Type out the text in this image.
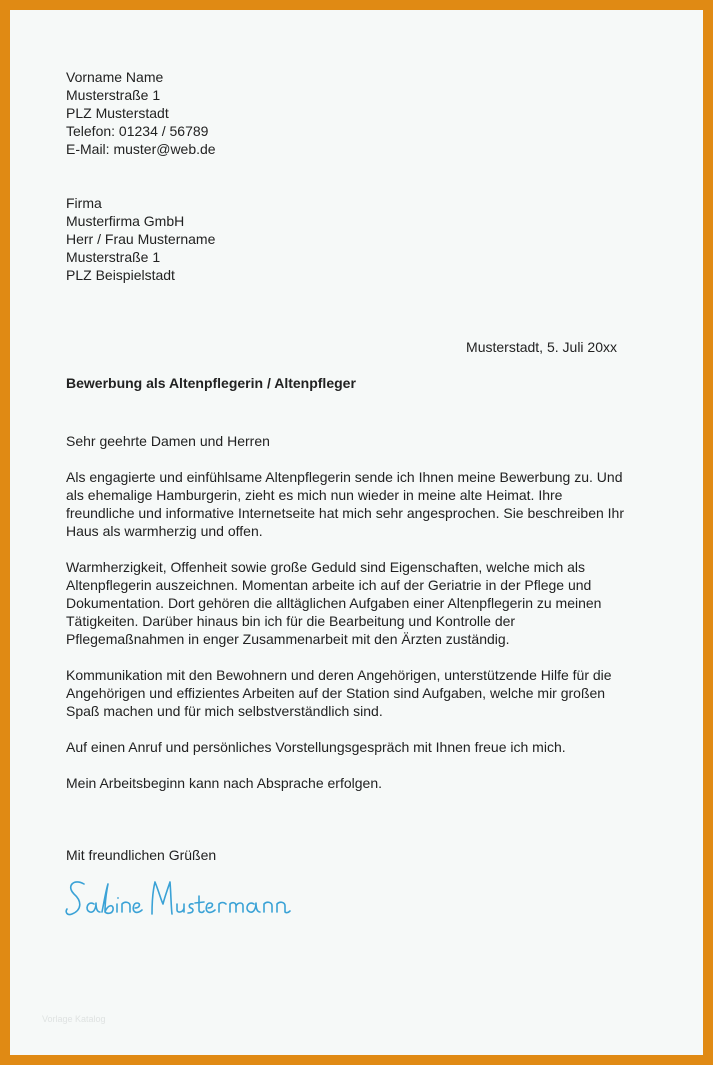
Vorname Name
Musterstraße 1
PLZ Musterstadt
Telefon: 01234 / 56789
E-Mail: muster@web.de
Firma
Musterfirma GmbH
Herr / Frau Mustername
Musterstraße 1
PLZ Beispielstadt
Musterstadt, 5. Juli 20xx
Bewerbung als Altenpflegerin / Altenpfleger
Sehr geehrte Damen und Herren
Als engagierte und einfühlsame Altenpflegerin sende ich Ihnen meine Bewerbung zu. Und
als ehemalige Hamburgerin, zieht es mich nun wieder in meine alte Heimat. Ihre
freundliche und informative Internetseite hat mich sehr angesprochen. Sie beschreiben Ihr
Haus als warmherzig und offen.
Warmherzigkeit, Offenheit sowie große Geduld sind Eigenschaften, welche mich als
Altenpflegerin auszeichnen. Momentan arbeite ich auf der Geriatrie in der Pflege und
Dokumentation. Dort gehören die alltäglichen Aufgaben einer Altenpflegerin zu meinen
Tätigkeiten. Darüber hinaus bin ich für die Bearbeitung und Kontrolle der
Pflegemaßnahmen in enger Zusammenarbeit mit den Ärzten zuständig.
Kommunikation mit den Bewohnern und deren Angehörigen, unterstützende Hilfe für die
Angehörigen und effizientes Arbeiten auf der Station sind Aufgaben, welche mir großen
Spaß machen und für mich selbstverständlich sind.
Auf einen Anruf und persönliches Vorstellungsgespräch mit Ihnen freue ich mich.
Mein Arbeitsbeginn kann nach Absprache erfolgen.
Mit freundlichen Grüßen
Vorlage Katalog
